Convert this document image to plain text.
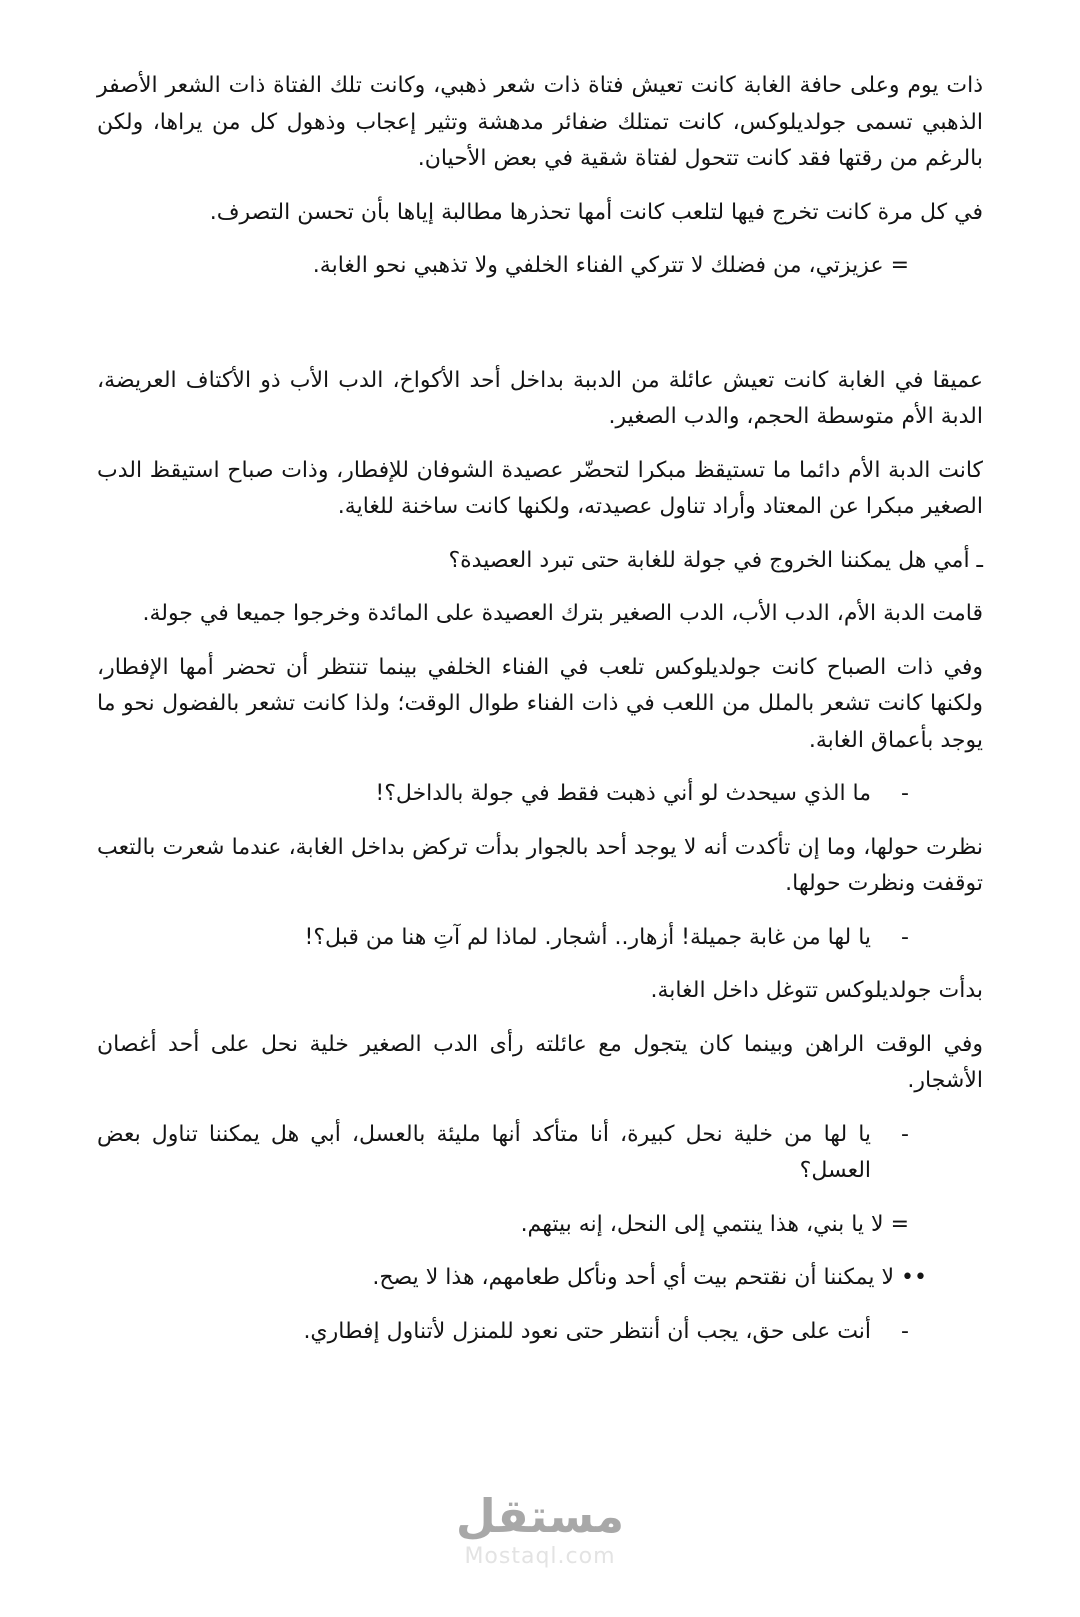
ذات يوم وعلى حافة الغابة كانت تعيش فتاة ذات شعر ذهبي، وكانت تلك الفتاة ذات الشعر الأصفر الذهبي تسمى جولديلوكس، كانت تمتلك ضفائر مدهشة وتثير إعجاب وذهول كل من يراها، ولكن بالرغم من رقتها فقد كانت تتحول لفتاة شقية في بعض الأحيان.
في كل مرة كانت تخرج فيها لتلعب كانت أمها تحذرها مطالبة إياها بأن تحسن التصرف.
= عزيزتي، من فضلك لا تتركي الفناء الخلفي ولا تذهبي نحو الغابة.
عميقا في الغابة كانت تعيش عائلة من الدببة بداخل أحد الأكواخ، الدب الأب ذو الأكتاف العريضة، الدبة الأم متوسطة الحجم، والدب الصغير.
كانت الدبة الأم دائما ما تستيقظ مبكرا لتحضّر عصيدة الشوفان للإفطار، وذات صباح استيقظ الدب الصغير مبكرا عن المعتاد وأراد تناول عصيدته، ولكنها كانت ساخنة للغاية.
ـ أمي هل يمكننا الخروج في جولة للغابة حتى تبرد العصيدة؟
قامت الدبة الأم، الدب الأب، الدب الصغير بترك العصيدة على المائدة وخرجوا جميعا في جولة.
وفي ذات الصباح كانت جولديلوكس تلعب في الفناء الخلفي بينما تنتظر أن تحضر أمها الإفطار، ولكنها كانت تشعر بالملل من اللعب في ذات الفناء طوال الوقت؛ ولذا كانت تشعر بالفضول نحو ما يوجد بأعماق الغابة.
-
ما الذي سيحدث لو أني ذهبت فقط في جولة بالداخل؟!
نظرت حولها، وما إن تأكدت أنه لا يوجد أحد بالجوار بدأت تركض بداخل الغابة، عندما شعرت بالتعب توقفت ونظرت حولها.
-
يا لها من غابة جميلة! أزهار.. أشجار. لماذا لم آتِ هنا من قبل؟!
بدأت جولديلوكس تتوغل داخل الغابة.
وفي الوقت الراهن وبينما كان يتجول مع عائلته رأى الدب الصغير خلية نحل على أحد أغصان الأشجار.
-
يا لها من خلية نحل كبيرة، أنا متأكد أنها مليئة بالعسل، أبي هل يمكننا تناول بعض العسل؟
= لا يا بني، هذا ينتمي إلى النحل، إنه بيتهم.
•• لا يمكننا أن نقتحم بيت أي أحد ونأكل طعامهم، هذا لا يصح.
-
أنت على حق، يجب أن أنتظر حتى نعود للمنزل لأتناول إفطاري.
مستقل
Mostaql.com
